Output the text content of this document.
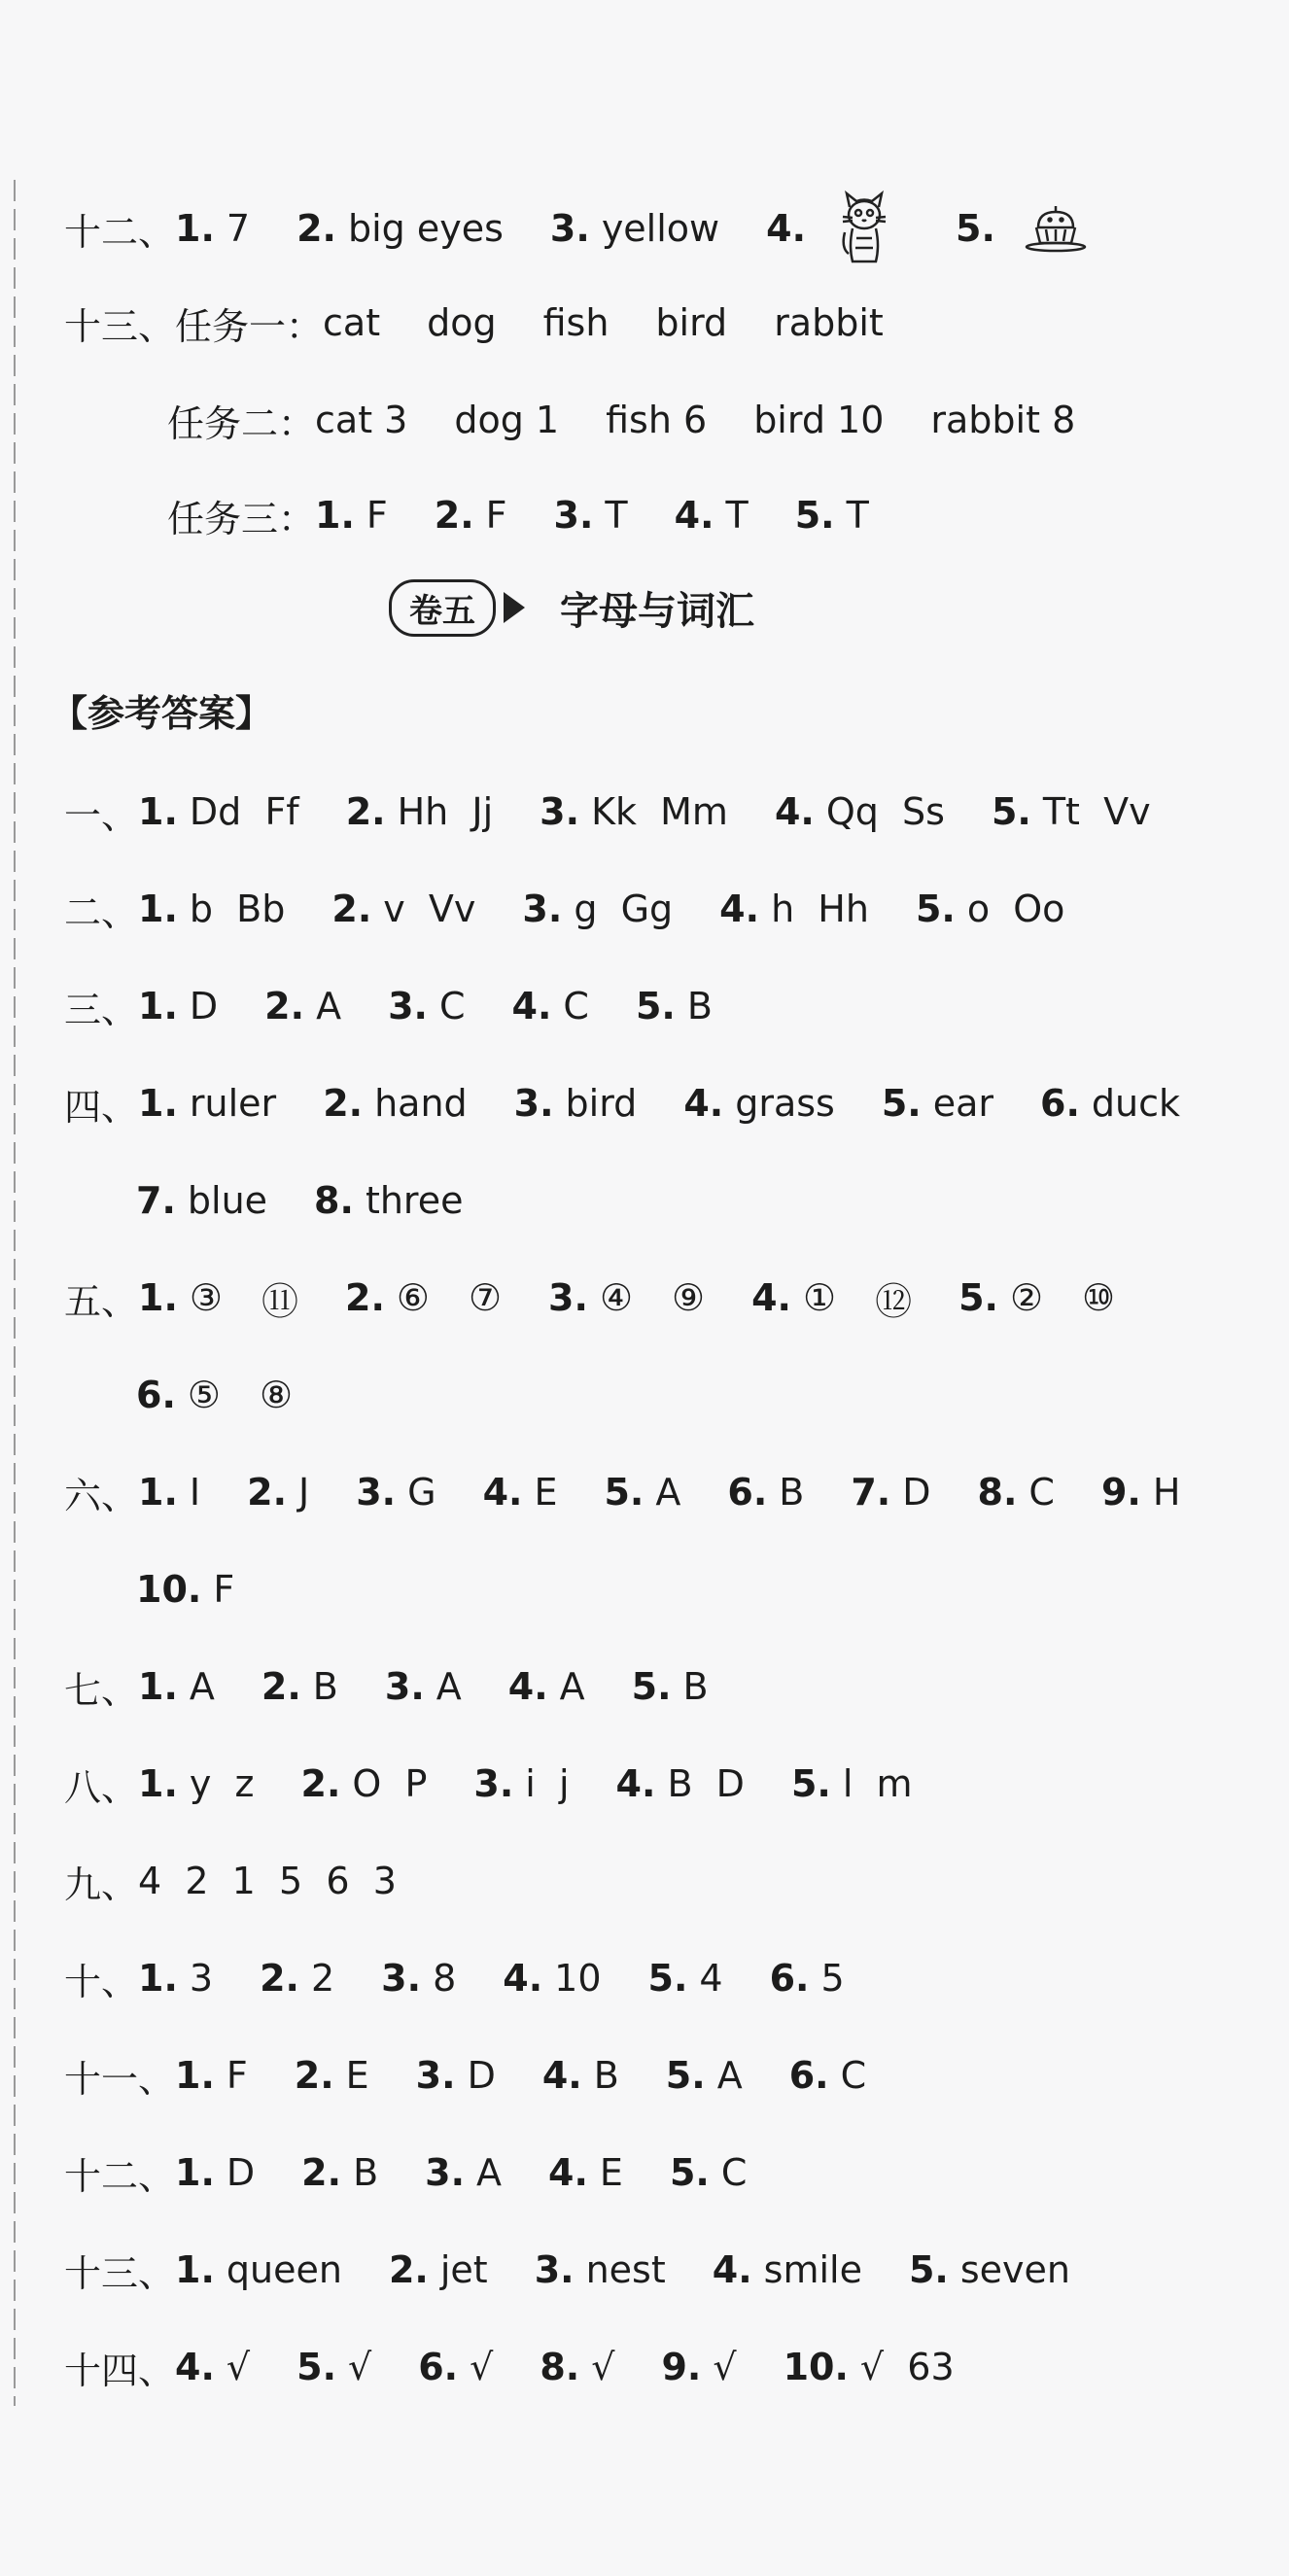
十二、 1. 7 2. big eyes 3. yellow 4.	5.
十三、任务一： cat dog fish bird rabbit
任务二： cat 3 dog 1 fish 6 bird 10 rabbit 8
任务三： 1. F 2. F 3. T 4. T 5. T
卷五	字母与词汇
【参考答案】
一、 1. Dd  Ff 2. Hh  Jj 3. Kk  Mm 4. Qq  Ss 5. Tt  Vv
二、 1. b  Bb 2. v  Vv 3. g  Gg 4. h  Hh 5. o  Oo
三、 1. D 2. A 3. C 4. C 5. B
四、 1. ruler 2. hand 3. bird 4. grass 5. ear 6. duck
7. blue 8. three
五、 1. ③ ⑪ 2. ⑥ ⑦ 3. ④ ⑨ 4. ① ⑫ 5. ② ⑩
6. ⑤ ⑧
六、 1. I 2. J 3. G 4. E 5. A 6. B 7. D 8. C 9. H
10. F
七、 1. A 2. B 3. A 4. A 5. B
八、 1. y  z 2. O  P 3. i  j 4. B  D 5. l  m
九、 4  2  1  5  6  3
十、 1. 3 2. 2 3. 8 4. 10 5. 4 6. 5
十一、 1. F 2. E 3. D 4. B 5. A 6. C
十二、 1. D 2. B 3. A 4. E 5. C
十三、 1. queen 2. jet 3. nest 4. smile 5. seven
十四、 4. √ 5. √ 6. √ 8. √ 9. √ 10. √  63
